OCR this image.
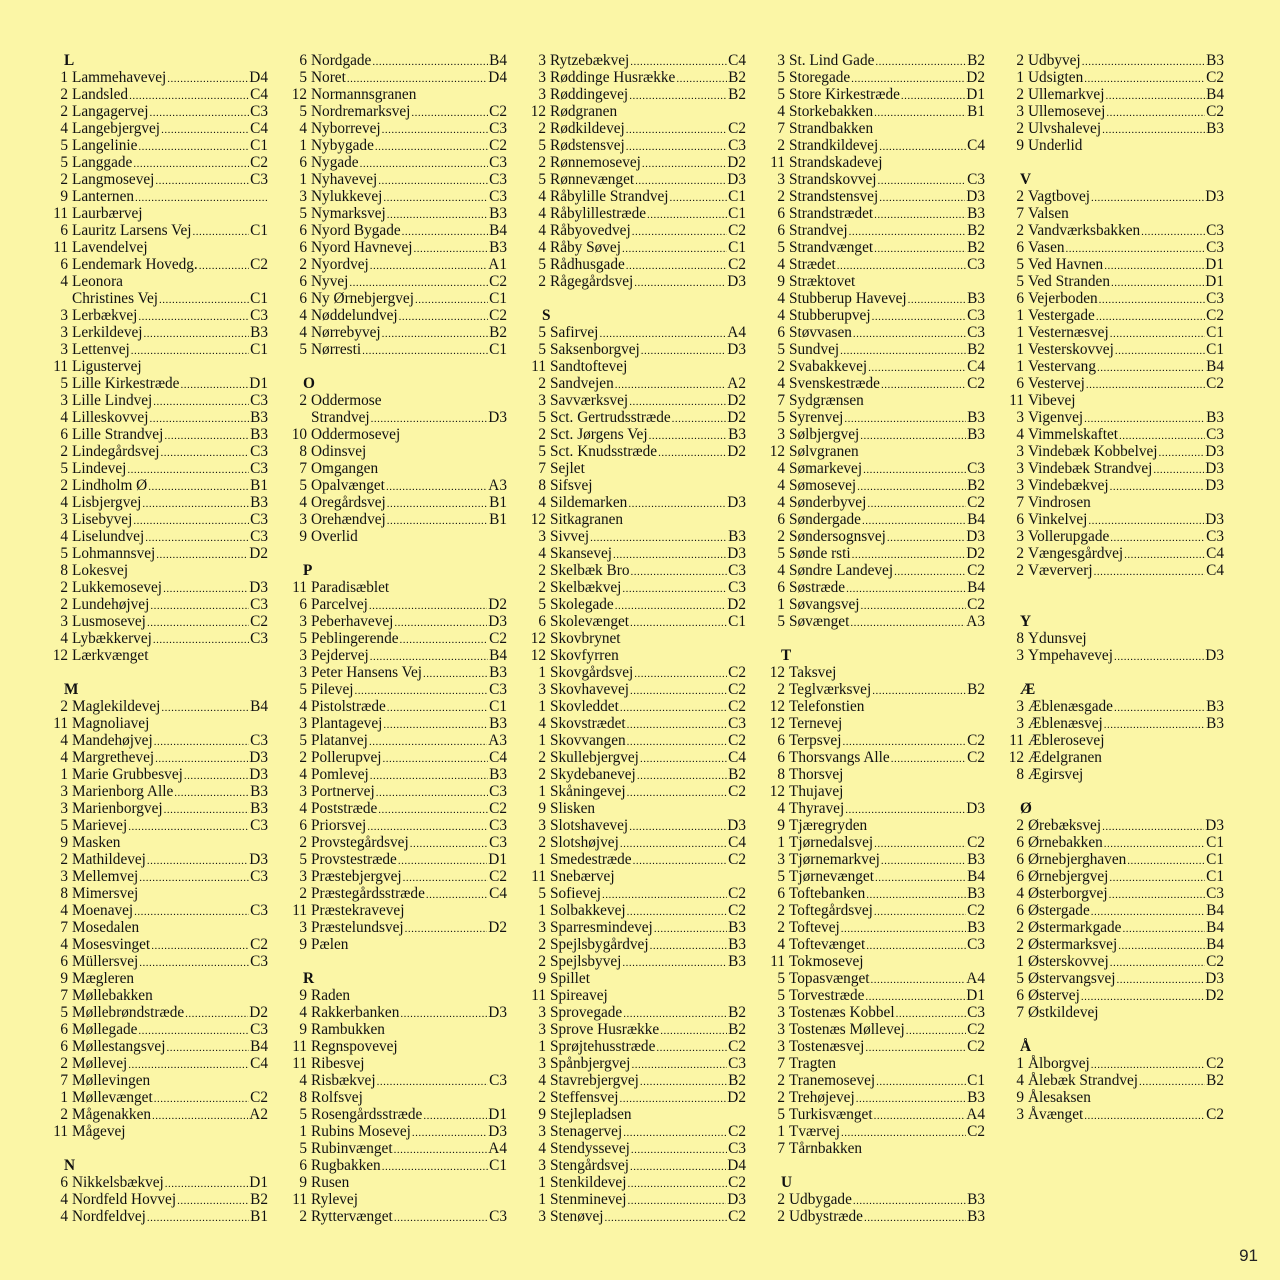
L
1 Lammehavevej .....	D4
2 Landsled .....	C4
2 Langagervej .....	C3
4 Langebjergvej .....	C4
5 Langelinie .....	C1
5 Langgade .....	C2
2 Langmosevej .....	C3
9 Lanternen
.....
11 Laurbærvej
6 Lauritz Larsens Vej .....	C1
11 Lavendelvej
6 Lendemark Hovedg. .....	C2
4 Leonora
Christines Vej .....	C1
3 Lerbækvej .....	C3
3 Lerkildevej .....	B3
3 Lettenvej .....	C1
11 Ligustervej
5 Lille Kirkestræde .....	D1
3 Lille Lindvej .....	C3
4 Lilleskovvej .....	B3
6 Lille Strandvej .....	B3
2 Lindegårdsvej .....	C3
5 Lindevej .....	C3
2 Lindholm Ø .....	B1
4 Lisbjergvej .....	B3
3 Lisebyvej .....	C3
4 Liselundvej .....	C3
5 Lohmannsvej .....	D2
8 Lokesvej
2 Lukkemosevej .....	D3
2 Lundehøjvej .....	C3
3 Lusmosevej .....	C2
4 Lybækkervej .....	C3
12 Lærkvænget
M
2 Maglekildevej .....	B4
11 Magnoliavej
4 Mandehøjvej .....	C3
4 Margrethevej .....	D3
1 Marie Grubbesvej .....	D3
3 Marienborg Alle .....	B3
3 Marienborgvej .....	B3
5 Marievej .....	C3
9 Masken
2 Mathildevej .....	D3
3 Mellemvej .....	C3
8 Mimersvej
4 Moenavej .....	C3
7 Mosedalen
4 Mosesvinget .....	C2
6 Müllersvej .....	C3
9 Mægleren
7 Møllebakken
5 Møllebrøndstræde .....	D2
6 Møllegade .....	C3
6 Møllestangsvej .....	B4
2 Møllevej .....	C4
7 Møllevingen
1 Møllevænget .....	C2
2 Mågenakken .....	A2
11 Mågevej
N
6 Nikkelsbækvej .....	D1
4 Nordfeld Hovvej .....	B2
4 Nordfeldvej .....	B1
6 Nordgade .....	B4
5 Noret .....	D4
12 Normannsgranen
5 Nordremarksvej .....	C2
4 Nyborrevej .....	C3
1 Nybygade .....	C2
6 Nygade .....	C3
1 Nyhavevej .....	C3
3 Nylukkevej .....	C3
5 Nymarksvej .....	B3
6 Nyord Bygade .....	B4
6 Nyord Havnevej .....	B3
2 Nyordvej .....	A1
6 Nyvej .....	C2
6 Ny Ørnebjergvej .....	C1
4 Nøddelundvej .....	C2
4 Nørrebyvej .....	B2
5 Nørresti .....	C1
O
2 Oddermose
Strandvej .....	D3
10 Oddermosevej
8 Odinsvej
7 Omgangen
5 Opalvænget .....	A3
4 Oregårdsvej .....	B1
3 Orehændvej .....	B1
9 Overlid
P
11 Paradisæblet
6 Parcelvej .....	D2
3 Peberhavevej .....	D3
5 Peblingerende .....	C2
3 Pejdervej .....	B4
3 Peter Hansens Vej .....	B3
5 Pilevej .....	C3
4 Pistolstræde .....	C1
3 Plantagevej .....	B3
5 Platanvej .....	A3
2 Pollerupvej .....	C4
4 Pomlevej .....	B3
3 Portnervej .....	C3
4 Poststræde .....	C2
6 Priorsvej .....	C3
2 Provstegårdsvej .....	C3
5 Provstestræde .....	D1
3 Præstebjergvej .....	C2
2 Præstegårdsstræde .....	C4
11 Præstekravevej
3 Præstelundsvej .....	D2
9 Pælen
R
9 Raden
4 Rakkerbanken .....	D3
9 Rambukken
11 Regnspovevej
11 Ribesvej
4 Risbækvej .....	C3
8 Rolfsvej
5 Rosengårdsstræde .....	D1
1 Rubins Mosevej .....	D3
5 Rubinvænget .....	A4
6 Rugbakken .....	C1
9 Rusen
11 Rylevej
2 Ryttervænget .....	C3
3 Rytzebækvej .....	C4
3 Røddinge Husrække .....	B2
3 Røddingevej .....	B2
12 Rødgranen
2 Rødkildevej .....	C2
5 Rødstensvej .....	C3
2 Rønnemosevej .....	D2
5 Rønnevænget .....	D3
4 Råbylille Strandvej .....	C1
4 Råbylillestræde .....	C1
4 Råbyovedvej .....	C2
4 Råby Søvej .....	C1
5 Rådhusgade .....	C2
2 Rågegårdsvej .....	D3
S
5 Safirvej .....	A4
5 Saksenborgvej .....	D3
11 Sandtoftevej
2 Sandvejen .....	A2
3 Savværksvej .....	D2
5 Sct. Gertrudsstræde .....	D2
2 Sct. Jørgens Vej .....	B3
5 Sct. Knudsstræde .....	D2
7 Sejlet
8 Sifsvej
4 Sildemarken .....	D3
12 Sitkagranen
3 Sivvej .....	B3
4 Skansevej .....	D3
2 Skelbæk Bro .....	C3
2 Skelbækvej .....	C3
5 Skolegade .....	D2
6 Skolevænget .....	C1
12 Skovbrynet
12 Skovfyrren
1 Skovgårdsvej .....	C2
3 Skovhavevej .....	C2
1 Skovleddet .....	C2
4 Skovstrædet .....	C3
1 Skovvangen .....	C2
2 Skullebjergvej .....	C4
2 Skydebanevej .....	B2
1 Skåningevej .....	C2
9 Slisken
3 Slotshavevej .....	D3
2 Slotshøjvej .....	C4
1 Smedestræde .....	C2
11 Snebærvej
5 Sofievej .....	C2
1 Solbakkevej .....	C2
3 Sparresmindevej .....	B3
2 Spejlsbygårdvej .....	B3
2 Spejlsbyvej .....	B3
9 Spillet
11 Spireavej
3 Sprovegade .....	B2
3 Sprove Husrække .....	B2
1 Sprøjtehusstræde .....	C2
3 Spånbjergvej .....	C3
4 Stavrebjergvej .....	B2
2 Steffensvej .....	D2
9 Stejlepladsen
3 Stenagervej .....	C2
4 Stendyssevej .....	C3
3 Stengårdsvej .....	D4
1 Stenkildevej .....	C2
1 Stenminevej .....	D3
3 Stenøvej .....	C2
3 St. Lind Gade .....	B2
5 Storegade .....	D2
5 Store Kirkestræde .....	D1
4 Storkebakken .....	B1
7 Strandbakken
2 Strandkildevej .....	C4
11 Strandskadevej
3 Strandskovvej .....	C3
2 Strandstensvej .....	D3
6 Strandstrædet .....	B3
6 Strandvej .....	B2
5 Strandvænget .....	B2
4 Strædet .....	C3
9 Stræktovet
4 Stubberup Havevej .....	B3
4 Stubberupvej .....	C3
6 Støvvasen .....	C3
5 Sundvej .....	B2
2 Svabakkevej .....	C4
4 Svenskestræde .....	C2
7 Sydgrænsen
5 Syrenvej .....	B3
3 Sølbjergvej .....	B3
12 Sølvgranen
4 Sømarkevej .....	C3
4 Sømosevej .....	B2
4 Sønderbyvej .....	C2
6 Søndergade .....	B4
2 Søndersognsvej .....	D3
5 Sønde rsti .....	D2
4 Søndre Landevej .....	C2
6 Søstræde .....	B4
1 Søvangsvej .....	C2
5 Søvænget .....	A3
T
12 Taksvej
2 Teglværksvej .....	B2
12 Telefonstien
12 Ternevej
6 Terpsvej .....	C2
6 Thorsvangs Alle .....	C2
8 Thorsvej
12 Thujavej
4 Thyravej .....	D3
9 Tjæregryden
1 Tjørnedalsvej .....	C2
3 Tjørnemarkvej .....	B3
5 Tjørnevænget .....	B4
6 Toftebanken .....	B3
2 Toftegårdsvej .....	C2
2 Toftevej .....	B3
4 Toftevænget .....	C3
11 Tokmosevej
5 Topasvænget .....	A4
5 Torvestræde .....	D1
3 Tostenæs Kobbel .....	C3
3 Tostenæs Møllevej .....	C2
3 Tostenæsvej .....	C2
7 Tragten
2 Tranemosevej .....	C1
2 Trehøjevej .....	B3
5 Turkisvænget .....	A4
1 Tværvej .....	C2
7 Tårnbakken
U
2 Udbygade .....	B3
2 Udbystræde .....	B3
2 Udbyvej .....	B3
1 Udsigten .....	C2
2 Ullemarkvej .....	B4
3 Ullemosevej .....	C2
2 Ulvshalevej .....	B3
9 Underlid
V
2 Vagtbovej .....	D3
7 Valsen
2 Vandværksbakken .....	C3
6 Vasen .....	C3
5 Ved Havnen .....	D1
5 Ved Stranden .....	D1
6 Vejerboden .....	C3
1 Vestergade .....	C2
1 Vesternæsvej .....	C1
1 Vesterskovvej .....	C1
1 Vestervang .....	B4
6 Vestervej .....	C2
11 Vibevej
3 Vigenvej .....	B3
4 Vimmelskaftet .....	C3
3 Vindebæk Kobbelvej .....	D3
3 Vindebæk Strandvej .....	D3
3 Vindebækvej .....	D3
7 Vindrosen
6 Vinkelvej .....	D3
3 Vollerupgade .....	C3
2 Vængesgårdvej .....	C4
2 Væververj .....	C4
Y
8 Ydunsvej
3 Ympehavevej .....	D3
Æ
3 Æblenæsgade .....	B3
3 Æblenæsvej .....	B3
11 Æblerosevej
12 Ædelgranen
8 Ægirsvej
Ø
2 Ørebæksvej .....	D3
6 Ørnebakken .....	C1
6 Ørnebjerghaven .....	C1
6 Ørnebjergvej .....	C1
4 Østerborgvej .....	C3
6 Østergade .....	B4
2 Østermarkgade .....	B4
2 Østermarksvej .....	B4
1 Østerskovvej .....	C2
5 Østervangsvej .....	D3
6 Østervej .....	D2
7 Østkildevej
Å
1 Ålborgvej .....	C2
4 Ålebæk Strandvej .....	B2
9 Ålesaksen
3 Åvænget .....	C2
91
